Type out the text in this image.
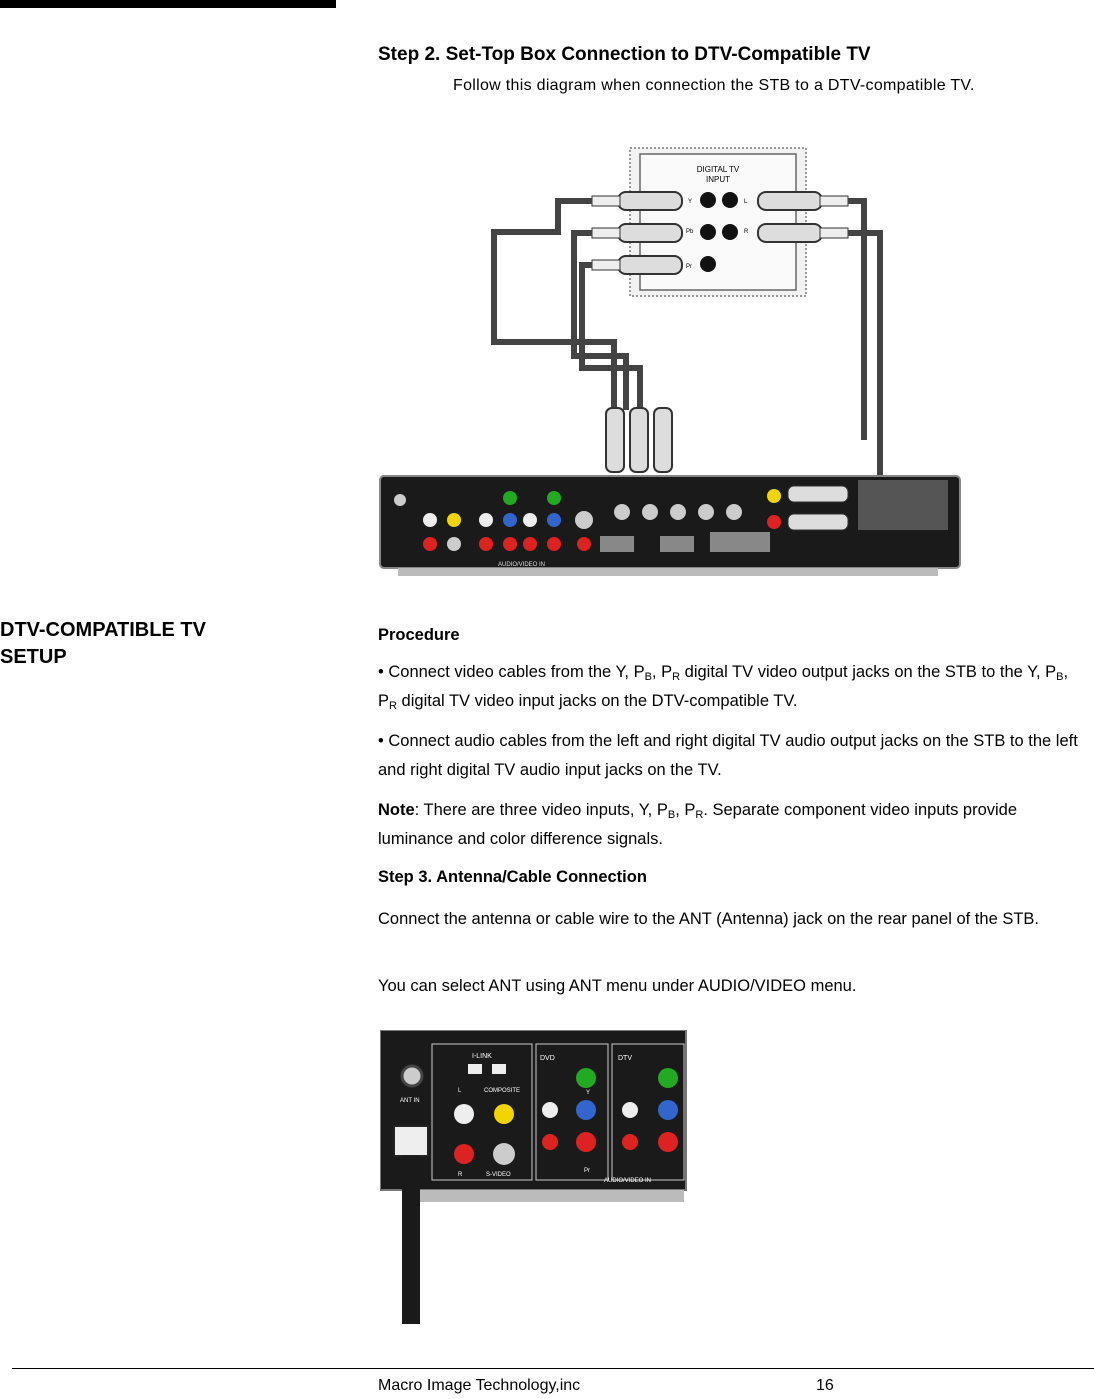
Step 2. Set-Top Box Connection to DTV-Compatible TV
Follow this diagram when connection the STB to a DTV-compatible TV.
DIGITAL TV
INPUT
Y
Pb
Pr
L
R
AUDIO/VIDEO IN
DTV-COMPATIBLE TV
SETUP
Procedure
• Connect video cables from the Y, $P_B$, $P_R$ digital TV video output jacks on the STB to the Y, $P_B$, $P_R$ digital TV video input jacks on the DTV-compatible TV.
• Connect audio cables from the left and right digital TV audio output jacks on the STB to the left and right digital TV audio input jacks on the TV.
Note: There are three video inputs, Y, $P_B$, $P_R$. Separate component video inputs provide luminance and color difference signals.
Step 3. Antenna/Cable Connection
Connect the antenna or cable wire to the ANT (Antenna) jack on the rear panel of the STB.
You can select ANT using ANT menu under AUDIO/VIDEO menu.
I-LINK	DVD	DTV
ANT IN
COMPOSITE
S-VIDEO
L
R
Y
Pr
AUDIO/VIDEO IN
Macro Image Technology,inc	16
